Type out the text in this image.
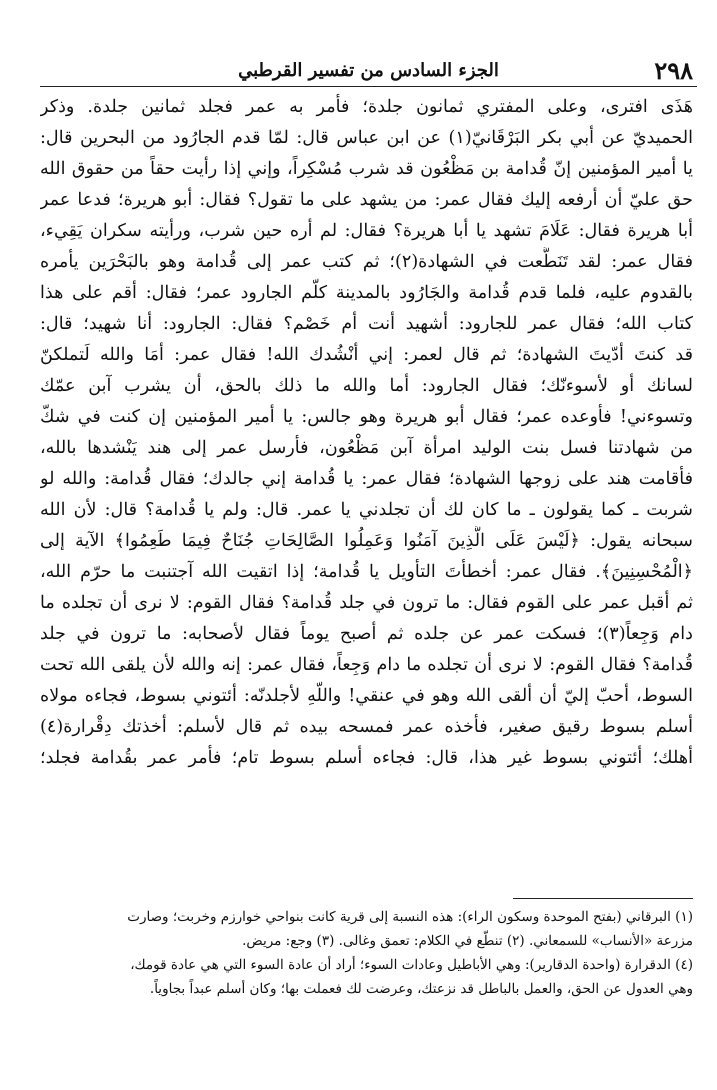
٢٩٨
الجزء السادس من تفسير القرطبي
هَذَى افترى، وعلى المفتري ثمانون جلدة؛ فأمر به عمر فجلد ثمانين جلدة. وذكر
الحميديّ عن أبي بكر البَرْقَانيّ(١) عن ابن عباس قال: لمّا قدم الجارُود من البحرين قال:
يا أمير المؤمنين إنّ قُدامة بن مَظْعُون قد شرب مُسْكِراً، وإني إذا رأيت حقاً من حقوق الله
حق عليّ أن أرفعه إليك فقال عمر: من يشهد على ما تقول؟ فقال: أبو هريرة؛ فدعا عمر
أبا هريرة فقال: عَلَامَ تشهد يا أبا هريرة؟ فقال: لم أره حين شرب، ورأيته سكران يَقِيء،
فقال عمر: لقد تَنَطَّعت في الشهادة(٢)؛ ثم كتب عمر إلى قُدامة وهو بالبَحْرَين يأمره
بالقدوم عليه، فلما قدم قُدامة والجَارُود بالمدينة كلّم الجارود عمر؛ فقال: أقم على هذا
كتاب الله؛ فقال عمر للجارود: أشهيد أنت أم خَصْم؟ فقال: الجارود: أنا شهيد؛ قال:
قد كنتَ أدّيتَ الشهادة؛ ثم قال لعمر: إني أنْشُدك الله! فقال عمر: أمَا والله لَتملكنّ
لسانك أو لأسوءنّك؛ فقال الجارود: أما والله ما ذلك بالحق، أن يشرب آبن عمّك
وتسوءني! فأوعده عمر؛ فقال أبو هريرة وهو جالس: يا أمير المؤمنين إن كنت في شكّ
من شهادتنا فسل بنت الوليد امرأة آبن مَظْعُون، فأرسل عمر إلى هند يَنْشدها بالله،
فأقامت هند على زوجها الشهادة؛ فقال عمر: يا قُدامة إني جالدك؛ فقال قُدامة: والله لو
شربت ـ كما يقولون ـ ما كان لك أن تجلدني يا عمر. قال: ولم يا قُدامة؟ قال: لأن الله
سبحانه يقول: ﴿لَيْسَ عَلَى الَّذِينَ آمَنُوا وَعَمِلُوا الصَّالِحَاتِ جُنَاحٌ فِيمَا طَعِمُوا﴾ الآية إلى
﴿الْمُحْسِنِينَ﴾. فقال عمر: أخطأتَ التأويل يا قُدامة؛ إذا اتقيت الله آجتنبت ما حرّم الله،
ثم أقبل عمر على القوم فقال: ما ترون في جلد قُدامة؟ فقال القوم: لا نرى أن تجلده ما
دام وَجِعاً(٣)؛ فسكت عمر عن جلده ثم أصبح يوماً فقال لأصحابه: ما ترون في جلد
قُدامة؟ فقال القوم: لا نرى أن تجلده ما دام وَجِعاً، فقال عمر: إنه والله لأن يلقى الله تحت
السوط، أحبّ إليّ أن ألقى الله وهو في عنقي! واللّهِ لأجلدنّه: أئتوني بسوط، فجاءه مولاه
أسلم بسوط رقيق صغير، فأخذه عمر فمسحه بيده ثم قال لأسلم: أخذتك دِقْرارة(٤)
أهلك؛ أئتوني بسوط غير هذا، قال: فجاءه أسلم بسوط تام؛ فأمر عمر بقُدامة فجلد؛
(١) البرقاني (بفتح الموحدة وسكون الراء): هذه النسبة إلى قرية كانت بنواحي خوارزم وخربت؛ وصارت
مزرعة «الأنساب» للسمعاني. (٢) تنطّع في الكلام: تعمق وغالى. (٣) وجع: مريض.
(٤) الدقرارة (واحدة الدقارير): وهي الأباطيل وعادات السوء؛ أراد أن عادة السوء التي هي عادة قومك،
وهي العدول عن الحق، والعمل بالباطل قد نزعتك، وعرضت لك فعملت بها؛ وكان أسلم عبداً بجاوياً.
